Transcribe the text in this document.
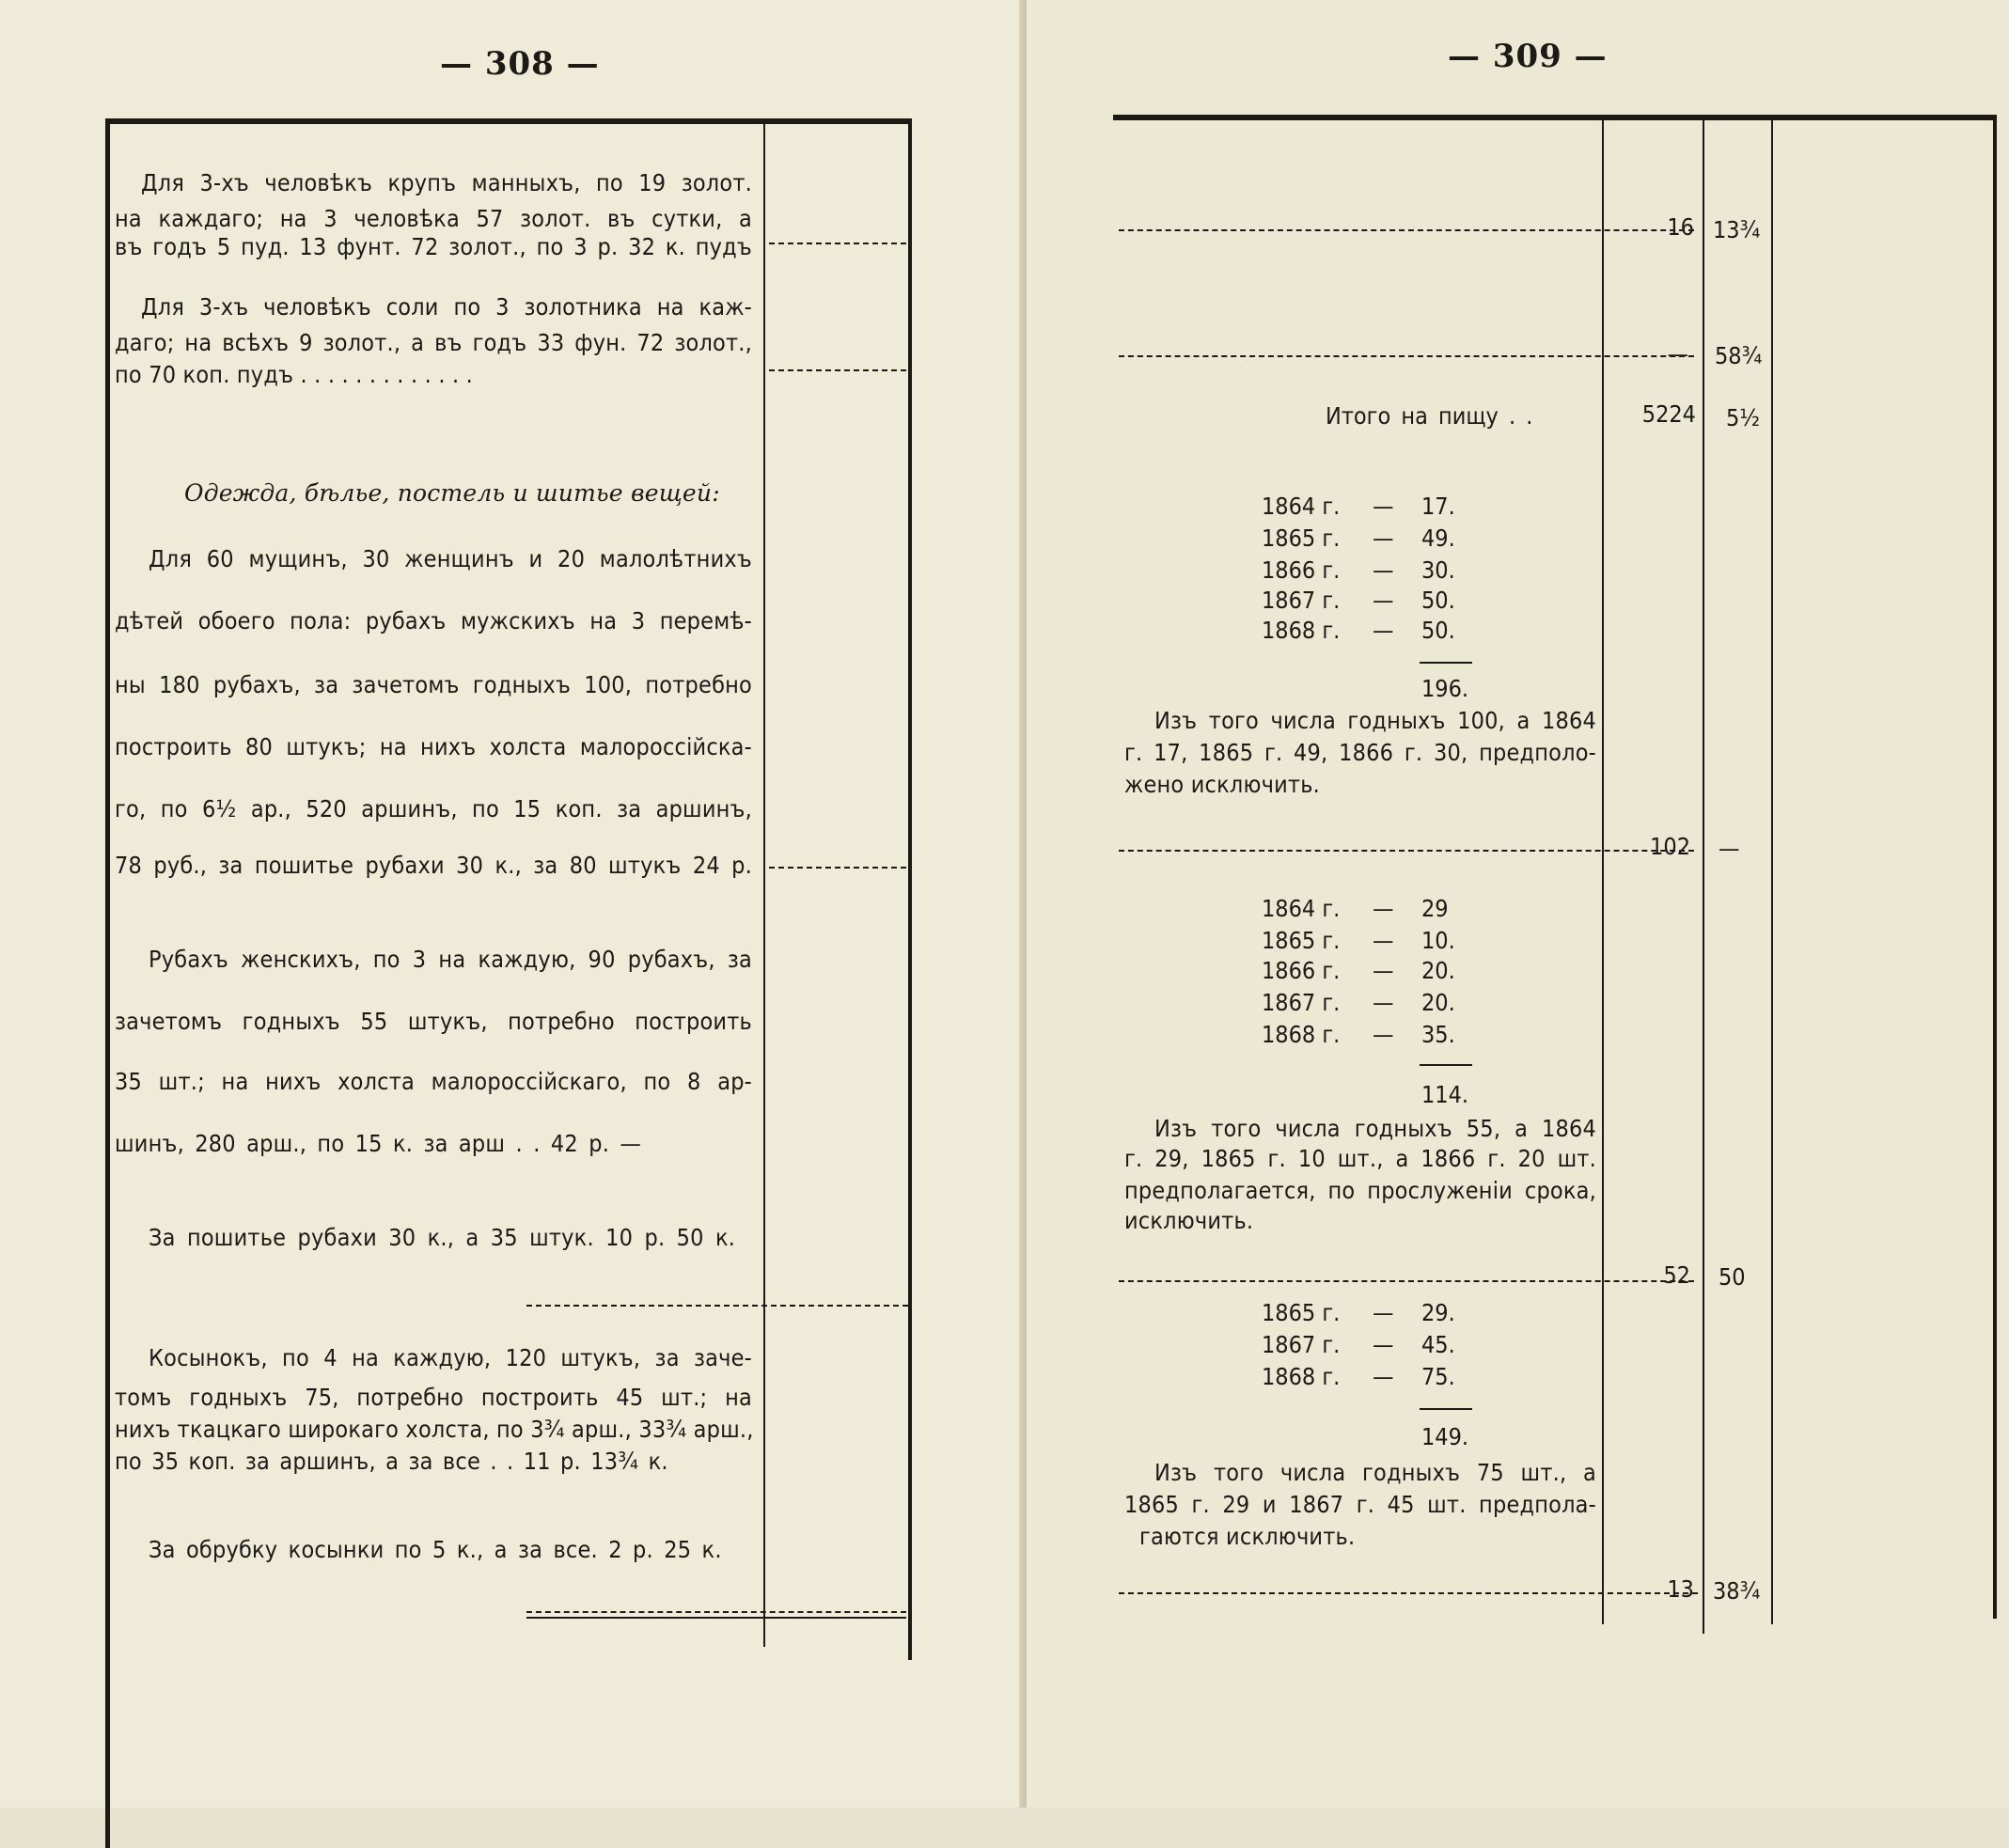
— 308 —
Для 3-хъ человѣкъ крупъ манныхъ, по 19 золот.
на каждаго; на 3 человѣка 57 золот. въ сутки, а
въ годъ 5 пуд. 13 фунт. 72 золот., по 3 р. 32 к. пудъ
Для 3-хъ человѣкъ соли по 3 золотника на каж-
даго; на всѣхъ 9 золот., а въ годъ 33 фун. 72 золот.,
по 70 коп. пудъ . . . . . . . . . . . . .
Одежда, бѣлье, постель и шитье вещей:
Для 60 мущинъ, 30 женщинъ и 20 малолѣтнихъ
дѣтей обоего пола: рубахъ мужскихъ на 3 перемѣ-
ны 180 рубахъ, за зачетомъ годныхъ 100, потребно
построить 80 штукъ; на нихъ холста малороссійска-
го, по 6½ ар., 520 аршинъ, по 15 коп. за аршинъ,
78 руб., за пошитье рубахи 30 к., за 80 штукъ 24 р.
Рубахъ женскихъ, по 3 на каждую, 90 рубахъ, за
зачетомъ годныхъ 55 штукъ, потребно построить
35 шт.; на нихъ холста малороссійскаго, по 8 ар-
шинъ, 280 арш., по 15 к. за арш . . 42 р. —
За пошитье рубахи 30 к., а 35 штук. 10 р. 50 к.
Косынокъ, по 4 на каждую, 120 штукъ, за заче-
томъ годныхъ 75, потребно построить 45 шт.; на
нихъ ткацкаго широкаго холста, по 3¾ арш., 33¾ арш.,
по 35 коп. за аршинъ, а за все . . 11 р. 13¾ к.
За обрубку косынки по 5 к., а за все. 2 р. 25 к.
— 309 —
16 13¾
— 58¾
Итого на пищу . .	5224 5½
1864 г. — 17.
1865 г. — 49.
1866 г. — 30.
1867 г. — 50.
1868 г. — 50.
196.
Изъ того числа годныхъ 100, а 1864
г. 17, 1865 г. 49, 1866 г. 30, предполо-
жено исключить.
102 —
1864 г. — 29
1865 г. — 10.
1866 г. — 20.
1867 г. — 20.
1868 г. — 35.
114.
Изъ того числа годныхъ 55, а 1864
г. 29, 1865 г. 10 шт., а 1866 г. 20 шт.
предполагается, по прослуженіи срока,
исключить.
52 50
1865 г. — 29.
1867 г. — 45.
1868 г. — 75.
149.
Изъ того числа годныхъ 75 шт., а
1865 г. 29 и 1867 г. 45 шт. предпола-
гаются исключить.
13 38¾
